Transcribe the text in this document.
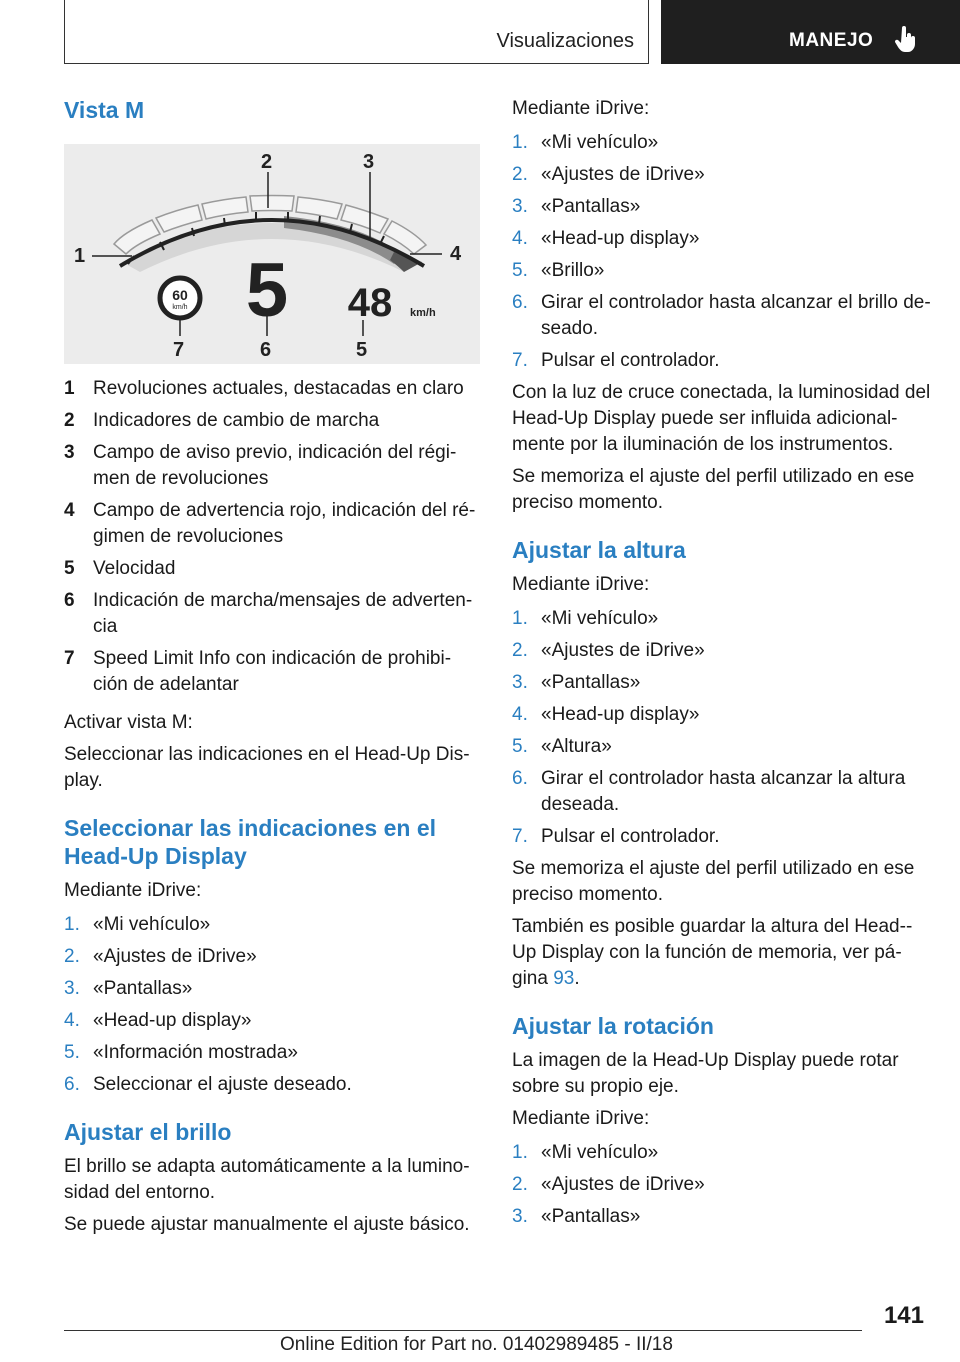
Visualizaciones	MANEJO
Vista M
1
2	3
4
7	6	5
60
km/h 5 48 km/h
1 Revoluciones actuales, destacadas en claro
2 Indicadores de cambio de marcha
3 Campo de aviso previo, indicación del régi-men de revoluciones
4 Campo de advertencia rojo, indicación del ré-gimen de revoluciones
5 Velocidad
6 Indicación de marcha/mensajes de adverten-cia
7 Speed Limit Info con indicación de prohibi-ción de adelantar

Activar vista M:

Seleccionar las indicaciones en el Head-Up Dis-play.

Seleccionar las indicaciones en el Head-Up Display

Mediante iDrive:

1. «Mi vehículo»
2. «Ajustes de iDrive»
3. «Pantallas»
4. «Head-up display»
5. «Información mostrada»
6. Seleccionar el ajuste deseado.
Ajustar el brillo

El brillo se adapta automáticamente a la lumino-sidad del entorno.

Se puede ajustar manualmente el ajuste básico.

Mediante iDrive:

1. «Mi vehículo»
2. «Ajustes de iDrive»
3. «Pantallas»
4. «Head-up display»
5. «Brillo»
6. Girar el controlador hasta alcanzar el brillo de-seado.
7. Pulsar el controlador.

Con la luz de cruce conectada, la luminosidad del Head-Up Display puede ser influida adicional-mente por la iluminación de los instrumentos.

Se memoriza el ajuste del perfil utilizado en ese preciso momento.

Ajustar la altura

Mediante iDrive:

1. «Mi vehículo»
2. «Ajustes de iDrive»
3. «Pantallas»
4. «Head-up display»
5. «Altura»
6. Girar el controlador hasta alcanzar la altura deseada.
7. Pulsar el controlador.

Se memoriza el ajuste del perfil utilizado en ese preciso momento.

También es posible guardar la altura del Head--Up Display con la función de memoria, ver pá-gina 93.

Ajustar la rotación

La imagen de la Head-Up Display puede rotar sobre su propio eje.

Mediante iDrive:

1. «Mi vehículo»
2. «Ajustes de iDrive»
3. «Pantallas»
141
Online Edition for Part no. 01402989485 - II/18
